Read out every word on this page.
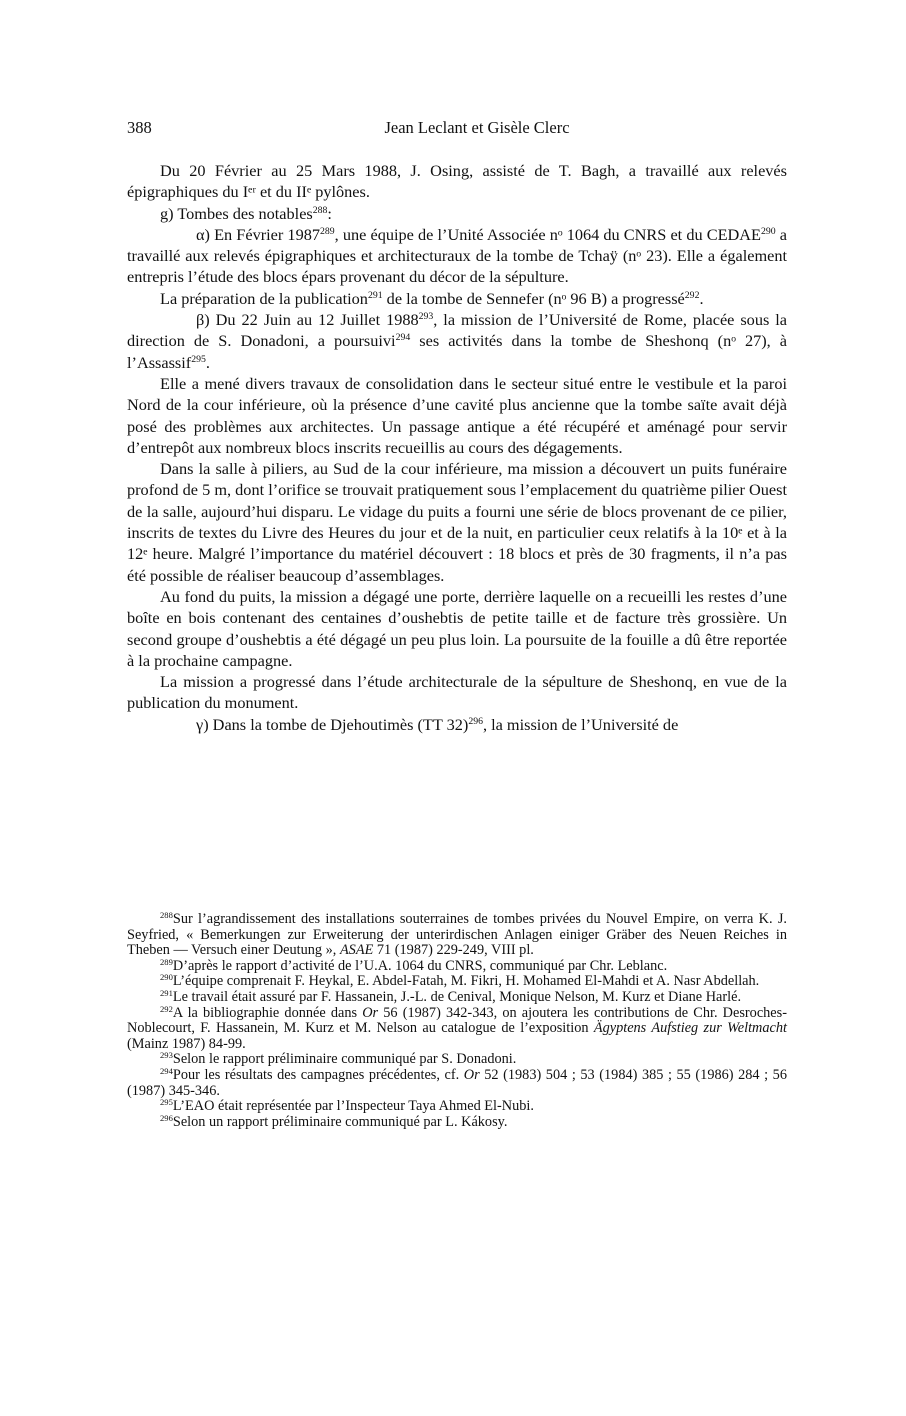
388	Jean Leclant et Gisèle Clerc

Du 20 Février au 25 Mars 1988, J. Osing, assisté de T. Bagh, a travaillé aux relevés épigraphiques du Iᵉʳ et du IIᵉ pylônes.

g) Tombes des notables$^{288}$:

α) En Février 1987$^{289}$, une équipe de l’Unité Associée nᵒ 1064 du CNRS et du CEDAE$^{290}$ a travaillé aux relevés épigraphiques et architecturaux de la tombe de Tchaÿ (nᵒ 23). Elle a également entrepris l’étude des blocs épars provenant du décor de la sépulture.

La préparation de la publication$^{291}$ de la tombe de Sennefer (nᵒ 96 B) a progressé$^{292}$.

β) Du 22 Juin au 12 Juillet 1988$^{293}$, la mission de l’Université de Rome, placée sous la direction de S. Donadoni, a poursuivi$^{294}$ ses activités dans la tombe de Sheshonq (nᵒ 27), à l’Assassif$^{295}$.

Elle a mené divers travaux de consolidation dans le secteur situé entre le vestibule et la paroi Nord de la cour inférieure, où la présence d’une cavité plus ancienne que la tombe saïte avait déjà posé des problèmes aux architectes. Un passage antique a été récupéré et aménagé pour servir d’entrepôt aux nombreux blocs inscrits recueillis au cours des dégagements.

Dans la salle à piliers, au Sud de la cour inférieure, ma mission a découvert un puits funéraire profond de 5 m, dont l’orifice se trouvait pratiquement sous l’emplacement du quatrième pilier Ouest de la salle, aujourd’hui disparu. Le vidage du puits a fourni une série de blocs provenant de ce pilier, inscrits de textes du Livre des Heures du jour et de la nuit, en particulier ceux relatifs à la 10ᵉ et à la 12ᵉ heure. Malgré l’importance du matériel découvert : 18 blocs et près de 30 fragments, il n’a pas été possible de réaliser beaucoup d’assemblages.

Au fond du puits, la mission a dégagé une porte, derrière laquelle on a recueilli les restes d’une boîte en bois contenant des centaines d’oushebtis de petite taille et de facture très grossière. Un second groupe d’oushebtis a été dégagé un peu plus loin. La poursuite de la fouille a dû être reportée à la prochaine campagne.

La mission a progressé dans l’étude architecturale de la sépulture de Sheshonq, en vue de la publication du monument.

γ) Dans la tombe de Djehoutimès (TT 32)$^{296}$, la mission de l’Université de

$^{288}$Sur l’agrandissement des installations souterraines de tombes privées du Nouvel Empire, on verra K. J. Seyfried, « Bemerkungen zur Erweiterung der unterirdischen Anlagen einiger Gräber des Neuen Reiches in Theben — Versuch einer Deutung », ASAE 71 (1987) 229-249, VIII pl.

$^{289}$D’après le rapport d’activité de l’U.A. 1064 du CNRS, communiqué par Chr. Leblanc.

$^{290}$L’équipe comprenait F. Heykal, E. Abdel-Fatah, M. Fikri, H. Mohamed El-Mahdi et A. Nasr Abdellah.

$^{291}$Le travail était assuré par F. Hassanein, J.-L. de Cenival, Monique Nelson, M. Kurz et Diane Harlé.

$^{292}$A la bibliographie donnée dans Or 56 (1987) 342-343, on ajoutera les contributions de Chr. Desroches-Noblecourt, F. Hassanein, M. Kurz et M. Nelson au catalogue de l’exposition Ägyptens Aufstieg zur Weltmacht (Mainz 1987) 84-99.

$^{293}$Selon le rapport préliminaire communiqué par S. Donadoni.

$^{294}$Pour les résultats des campagnes précédentes, cf. Or 52 (1983) 504 ; 53 (1984) 385 ; 55 (1986) 284 ; 56 (1987) 345-346.

$^{295}$L’EAO était représentée par l’Inspecteur Taya Ahmed El-Nubi.

$^{296}$Selon un rapport préliminaire communiqué par L. Kákosy.
